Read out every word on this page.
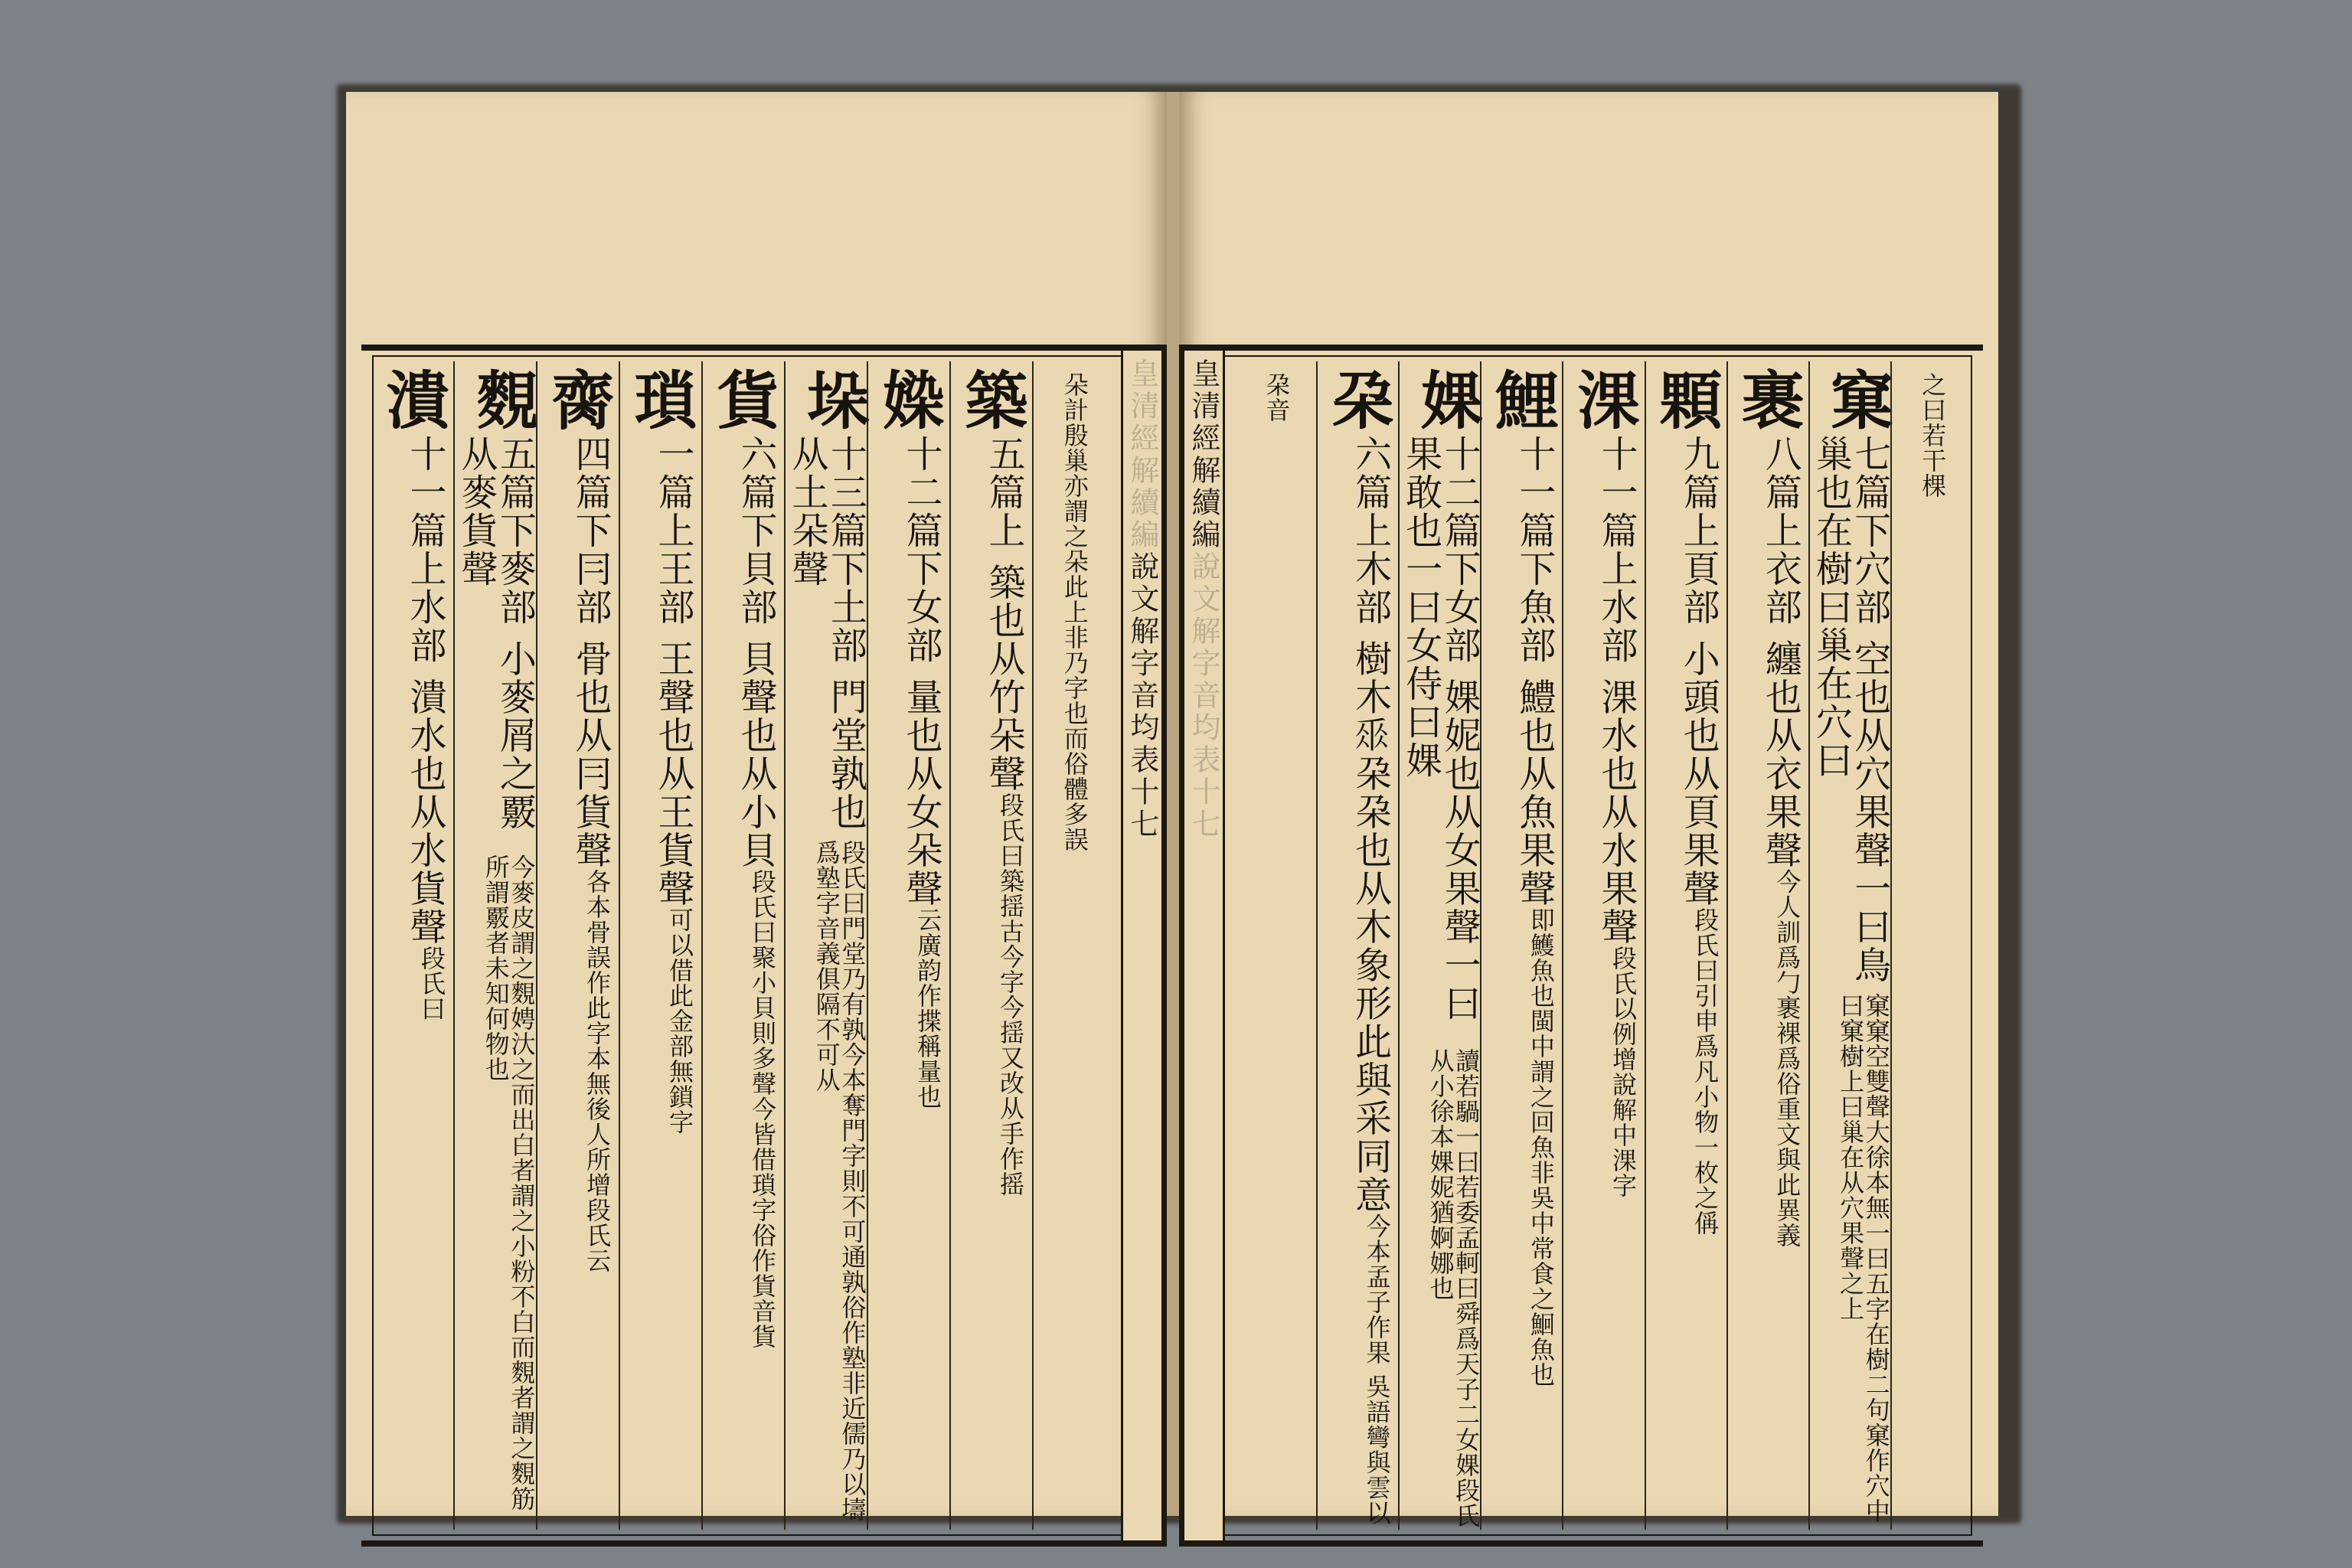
皇清經解續編
說文解字音均表十七
朵計殷巢亦謂之朵此上非乃字也而俗體多誤
築
五篇上 築也从竹朵聲
段氏曰築揺古今字今揺又改从手作摇
媣
十二篇下女部 量也从女朵聲
云廣韵作揲稱量也
垛
十三篇下土部 門堂孰也从土朵聲
段氏曰門堂乃有孰今本奪門字則不可通孰俗作塾非近儒乃以壔爲塾字音義俱隔不可从
貨
六篇下貝部 貝聲也从小貝
段氏曰聚小貝則多聲今皆借瑣字俗作貨音貨
瑣
一篇上王部 王聲也从王貨聲
可以借此金部無鎖字
䐡
四篇下冃部 骨也从冃貨聲
各本骨誤作此字本無後人所增段氏云
麲
五篇下麥部 小麥屑之覈从麥貨聲
今麥皮謂之麲娉汏之而出白者謂之小粉不白而麲者謂之麲筋所謂覈者未知何物也
潰
十一篇上水部 潰水也从水貨聲
段氏曰
皇清經解續編
說文解字音均表十七
之曰若干棵
窠
七篇下穴部 空也从穴果聲一曰鳥巢也在樹曰巢在穴曰
窠窠空雙聲大徐本無一曰五字在樹二句窠作穴中曰窠樹上曰巢在从穴果聲之上
裹
八篇上衣部 纏也从衣果聲
今人訓爲勹裹裸爲俗重文與此異義
顆
九篇上頁部 小頭也从頁果聲
段氏曰引申爲凡小物一枚之偁
淉
十一篇上水部 淉水也从水果聲
段氏以例增說解中淉字
鯉
十一篇下魚部 鱧也从魚果聲
即鱯魚也閩中謂之回魚非吳中常食之鮰魚也
婐
十二篇下女部 婐妮也从女果聲一曰果敢也一曰女侍曰婐
讀若騧一曰若委孟軻曰舜爲天子二女婐段氏从小徐本婐妮猶婀娜也
朶
六篇上木部 樹木𠂹朶朶也从木象形此與采同意
今本孟子作果 吳語彎與雲以
朶音
